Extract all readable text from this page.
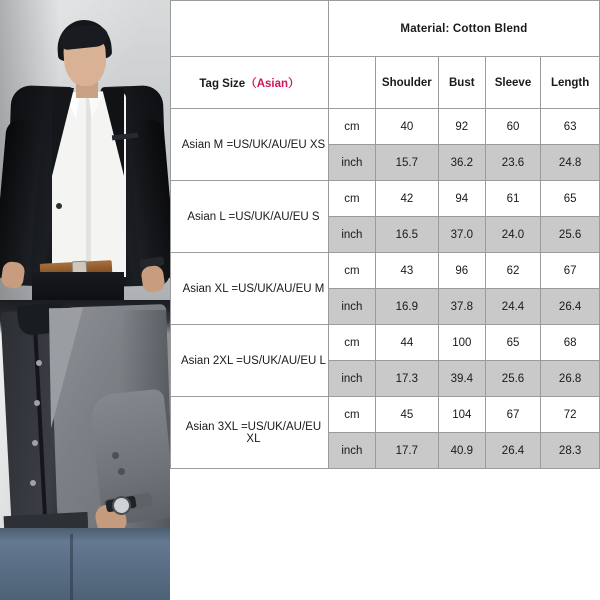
	Material: Cotton Blend				
Tag Size（Asian）		Shoulder	Bust	Sleeve	Length
Asian M =US/UK/AU/EU XS	cm	40	92	60	63
	inch	15.7	36.2	23.6	24.8
Asian L =US/UK/AU/EU S	cm	42	94	61	65
	inch	16.5	37.0	24.0	25.6
Asian XL =US/UK/AU/EU M	cm	43	96	62	67
	inch	16.9	37.8	24.4	26.4
Asian 2XL =US/UK/AU/EU L	cm	44	100	65	68
	inch	17.3	39.4	25.6	26.8
Asian 3XL =US/UK/AU/EU XL	cm	45	104	67	72
	inch	17.7	40.9	26.4	28.3
